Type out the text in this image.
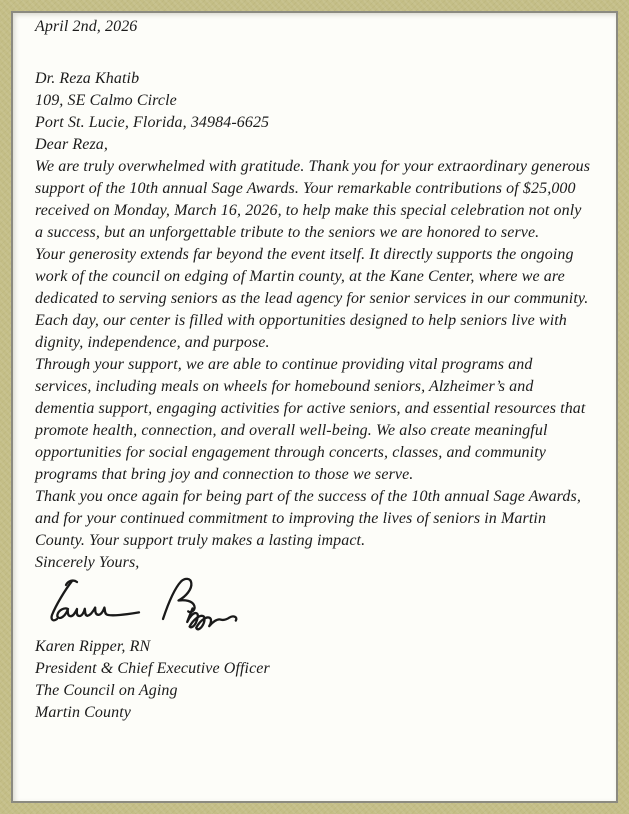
April 2nd, 2026

Dr. Reza Khatib

109, SE Calmo Circle

Port St. Lucie, Florida, 34984-6625

Dear Reza,

We are truly overwhelmed with gratitude. Thank you for your extraordinary generous support of the 10th annual Sage Awards. Your remarkable contributions of $25,000 received on Monday, March 16, 2026, to help make this special celebration not only a success, but an unforgettable tribute to the seniors we are honored to serve.

Your generosity extends far beyond the event itself. It directly supports the ongoing work of the council on edging of Martin county, at the Kane Center, where we are dedicated to serving seniors as the lead agency for senior services in our community. Each day, our center is filled with opportunities designed to help seniors live with dignity, independence, and purpose.

Through your support, we are able to continue providing vital programs and services, including meals on wheels for homebound seniors, Alzheimer’s and dementia support, engaging activities for active seniors, and essential resources that promote health, connection, and overall well-being. We also create meaningful opportunities for social engagement through concerts, classes, and community programs that bring joy and connection to those we serve.

Thank you once again for being part of the success of the 10th annual Sage Awards, and for your continued commitment to improving the lives of seniors in Martin County. Your support truly makes a lasting impact.

Sincerely Yours,

Karen Ripper, RN

President & Chief Executive Officer

The Council on Aging

Martin County
